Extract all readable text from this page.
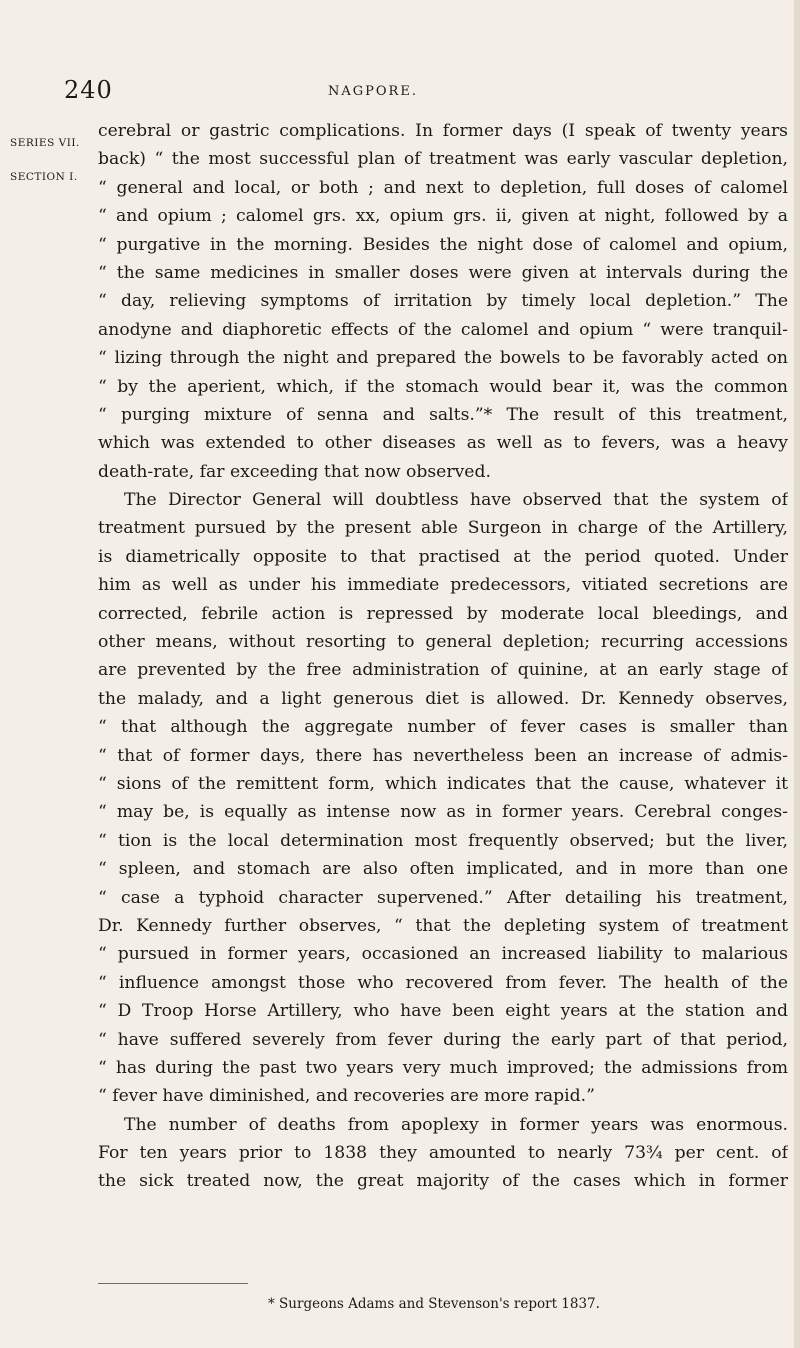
240	NAGPORE.
SERIES VII.
SECTION I.
cerebral or gastric complications. In former days (I speak of twenty years
back) “ the most successful plan of treatment was early vascular depletion,
“ general and local, or both ; and next to depletion, full doses of calomel
“ and opium ; calomel grs. xx, opium grs. ii, given at night, followed by a
“ purgative in the morning. Besides the night dose of calomel and opium,
“ the same medicines in smaller doses were given at intervals during the
“ day, relieving symptoms of irritation by timely local depletion.” The
anodyne and diaphoretic effects of the calomel and opium “ were tranquil-
“ lizing through the night and prepared the bowels to be favorably acted on
“ by the aperient, which, if the stomach would bear it, was the common
“ purging mixture of senna and salts.”* The result of this treatment,
which was extended to other diseases as well as to fevers, was a heavy
death-rate, far exceeding that now observed.
The Director General will doubtless have observed that the system of
treatment pursued by the present able Surgeon in charge of the Artillery,
is diametrically opposite to that practised at the period quoted. Under
him as well as under his immediate predecessors, vitiated secretions are
corrected, febrile action is repressed by moderate local bleedings, and
other means, without resorting to general depletion; recurring accessions
are prevented by the free administration of quinine, at an early stage of
the malady, and a light generous diet is allowed. Dr. Kennedy observes,
“ that although the aggregate number of fever cases is smaller than
“ that of former days, there has nevertheless been an increase of admis-
“ sions of the remittent form, which indicates that the cause, whatever it
“ may be, is equally as intense now as in former years. Cerebral conges-
“ tion is the local determination most frequently observed; but the liver,
“ spleen, and stomach are also often implicated, and in more than one
“ case a typhoid character supervened.” After detailing his treatment,
Dr. Kennedy further observes, “ that the depleting system of treatment
“ pursued in former years, occasioned an increased liability to malarious
“ influence amongst those who recovered from fever. The health of the
“ D Troop Horse Artillery, who have been eight years at the station and
“ have suffered severely from fever during the early part of that period,
“ has during the past two years very much improved; the admissions from
“ fever have diminished, and recoveries are more rapid.”
The number of deaths from apoplexy in former years was enormous.
For ten years prior to 1838 they amounted to nearly 73¾ per cent. of
the sick treated now, the great majority of the cases which in former
* Surgeons Adams and Stevenson's report 1837.
